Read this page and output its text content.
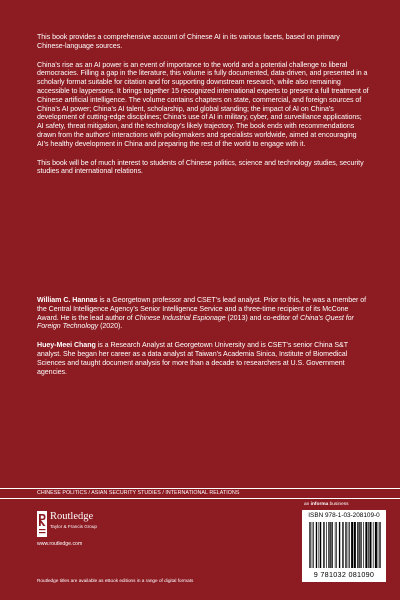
This book provides a comprehensive account of Chinese AI in its various facets, based on primary Chinese-language sources.

China’s rise as an AI power is an event of importance to the world and a potential challenge to liberal democracies. Filling a gap in the literature, this volume is fully documented, data-driven, and presented in a scholarly format suitable for citation and for supporting downstream research, while also remaining accessible to laypersons. It brings together 15 recognized international experts to present a full treatment of Chinese artificial intelligence. The volume contains chapters on state, commercial, and foreign sources of China’s AI power; China’s AI talent, scholarship, and global standing; the impact of AI on China’s development of cutting-edge disciplines; China’s use of AI in military, cyber, and surveillance applications; AI safety, threat mitigation, and the technology’s likely trajectory. The book ends with recommendations drawn from the authors’ interactions with policymakers and specialists worldwide, aimed at encouraging AI’s healthy development in China and preparing the rest of the world to engage with it.

This book will be of much interest to students of Chinese politics, science and technology studies, security studies and international relations.

William C. Hannas is a Georgetown professor and CSET’s lead analyst. Prior to this, he was a member of the Central Intelligence Agency’s Senior Intelligence Service and a three-time recipient of its McCone Award. He is the lead author of Chinese Industrial Espionage (2013) and co-editor of China’s Quest for Foreign Technology (2020).

Huey-Meei Chang is a Research Analyst at Georgetown University and is CSET’s senior China S&T analyst. She began her career as a data analyst at Taiwan’s Academia Sinica, Institute of Biomedical Sciences and taught document analysis for more than a decade to researchers at U.S. Government agencies.

CHINESE POLITICS / ASIAN SECURITY STUDIES / INTERNATIONAL RELATIONS
Routledge
Taylor & Francis Group
www.routledge.com
Routledge titles are available as eBook editions in a range of digital formats
an informa business
ISBN 978-1-03-208109-0
9 781032 081090
